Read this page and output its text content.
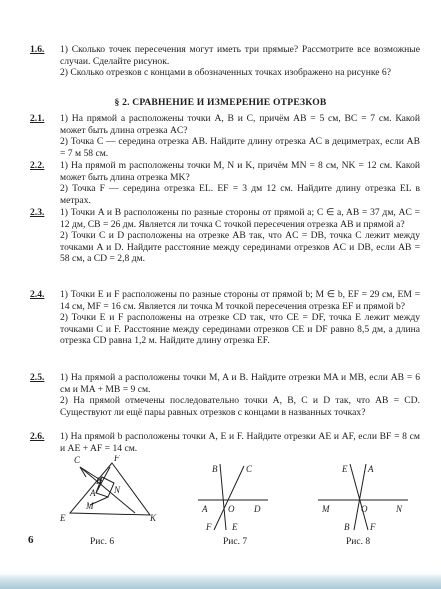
1.6. 1) Сколько точек пересечения могут иметь три прямые? Рассмотрите все возможные случаи. Сделайте рисунок.

2) Сколько отрезков с концами в обозначенных точках изображено на рисунке 6?

§ 2. СРАВНЕНИЕ И ИЗМЕРЕНИЕ ОТРЕЗКОВ
2.1. 1) На прямой a расположены точки A, B и C, причём AB = 5 см, BC = 7 см. Какой может быть длина отрезка AC?

2) Точка C — середина отрезка AB. Найдите длину отрезка AC в дециметрах, если AB = 7 м 58 см.

2.2. 1) На прямой m расположены точки M, N и K, причём MN = 8 см, NK = 12 см. Какой может быть длина отрезка MK?

2) Точка F — середина отрезка EL. EF = 3 дм 12 см. Найдите длину отрезка EL в метрах.

2.3. 1) Точки A и B расположены по разные стороны от прямой a; C ∈ a, AB = 37 дм, AC = 12 дм, CB = 26 дм. Является ли точка C точкой пересечения отрезка AB и прямой a?

2) Точки C и D расположены на отрезке AB так, что AC = DB, точка C лежит между точками A и D. Найдите расстояние между серединами отрезков AC и DB, если AB = 58 см, а CD = 2,8 дм.

2.4. 1) Точки E и F расположены по разные стороны от прямой b; M ∈ b, EF = 29 см, EM = 14 см, MF = 16 см. Является ли точка M точкой пересечения отрезка EF и прямой b?

2) Точки E и F расположены на отрезке CD так, что CE = DF, точка E лежит между точками C и F. Расстояние между серединами отрезков CE и DF равно 8,5 дм, а длина отрезка CD равна 1,2 м. Найдите длину отрезка EF.

2.5. 1) На прямой a расположены точки M, A и B. Найдите отрезки MA и MB, если AB = 6 см и MA + MB = 9 см.

2) На прямой отмечены последовательно точки A, B, C и D так, что AB = CD. Существуют ли ещё пары равных отрезков с концами в названных точках?

2.6. 1) На прямой b расположены точки A, E и F. Найдите отрезки AE и AF, если BF = 8 см и AE + AF = 14 см.

C	F
B
A N
M
E	K
Рис. 6
B	C
A O D
F E
Рис. 7
E A
M	O	N
B F
Рис. 8
6
